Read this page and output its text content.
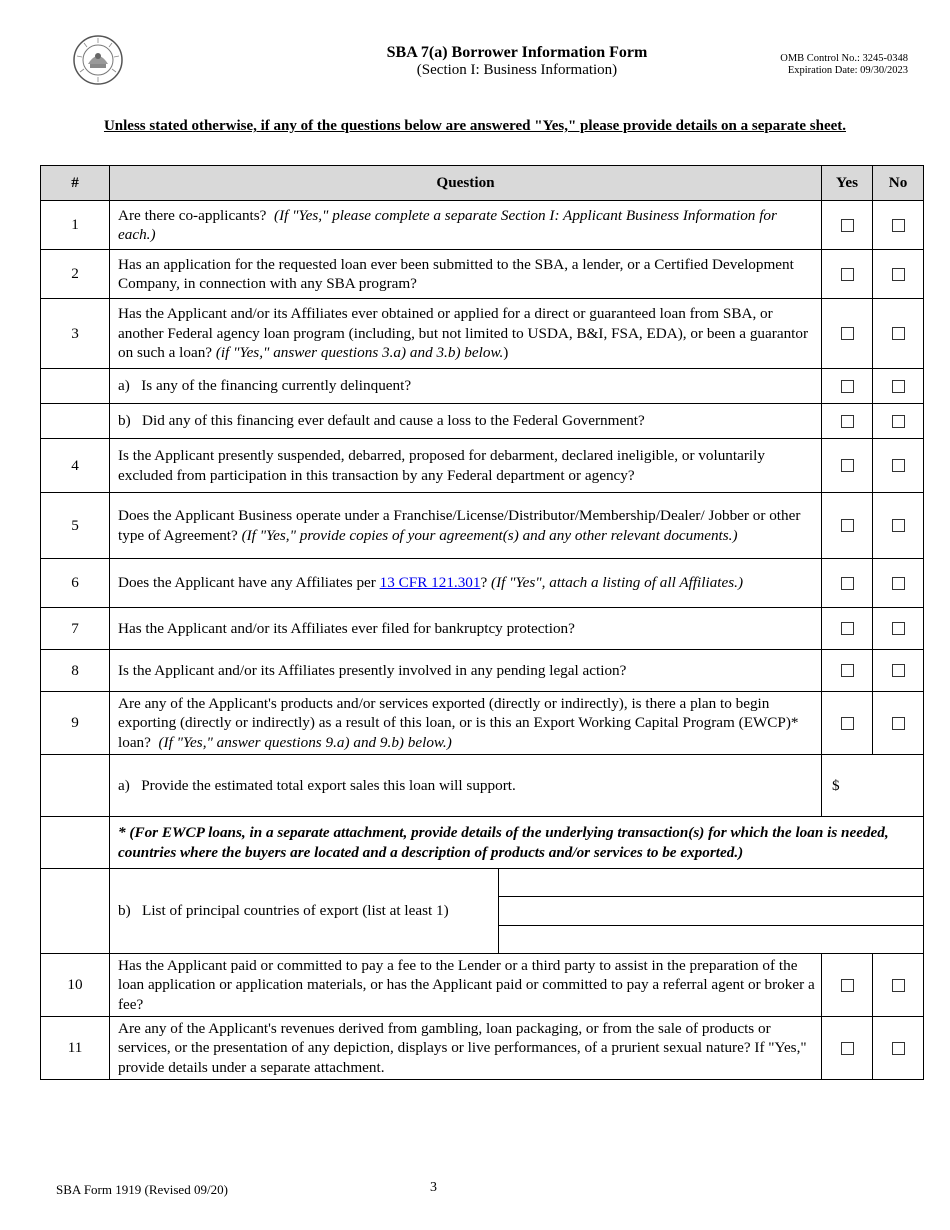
SBA 7(a) Borrower Information Form
(Section I: Business Information)
OMB Control No.: 3245-0348
Expiration Date: 09/30/2023
Unless stated otherwise, if any of the questions below are answered "Yes," please provide details on a separate sheet.
#	Question		Yes	No
1	Are there co-applicants? (If "Yes," please complete a separate Section I: Applicant Business Information for each.)			
2	Has an application for the requested loan ever been submitted to the SBA, a lender, or a Certified Development Company, in connection with any SBA program?			
3	Has the Applicant and/or its Affiliates ever obtained or applied for a direct or guaranteed loan from SBA, or another Federal agency loan program (including, but not limited to USDA, B&I, FSA, EDA), or been a guarantor on such a loan? (if "Yes," answer questions 3.a) and 3.b) below.)			
	a) Is any of the financing currently delinquent?			
	b) Did any of this financing ever default and cause a loss to the Federal Government?			
4	Is the Applicant presently suspended, debarred, proposed for debarment, declared ineligible, or voluntarily excluded from participation in this transaction by any Federal department or agency?			
5	Does the Applicant Business operate under a Franchise/License/Distributor/Membership/Dealer/ Jobber or other type of Agreement? (If "Yes," provide copies of your agreement(s) and any other relevant documents.)			
6	Does the Applicant have any Affiliates per 13 CFR 121.301? (If "Yes", attach a listing of all Affiliates.)			
7	Has the Applicant and/or its Affiliates ever filed for bankruptcy protection?			
8	Is the Applicant and/or its Affiliates presently involved in any pending legal action?			
9	Are any of the Applicant's products and/or services exported (directly or indirectly), is there a plan to begin exporting (directly or indirectly) as a result of this loan, or is this an Export Working Capital Program (EWCP)* loan? (If "Yes," answer questions 9.a) and 9.b) below.)			
	a) Provide the estimated total export sales this loan will support.		$	
	* (For EWCP loans, in a separate attachment, provide details of the underlying transaction(s) for which the loan is needed, countries where the buyers are located and a description of products and/or services to be exported.)			
	b) List of principal countries of export (list at least 1)			

10	Has the Applicant paid or committed to pay a fee to the Lender or a third party to assist in the preparation of the loan application or application materials, or has the Applicant paid or committed to pay a referral agent or broker a fee?			
11	Are any of the Applicant's revenues derived from gambling, loan packaging, or from the sale of products or services, or the presentation of any depiction, displays or live performances, of a prurient sexual nature? If "Yes," provide details under a separate attachment.			
SBA Form 1919 (Revised 09/20)	3
